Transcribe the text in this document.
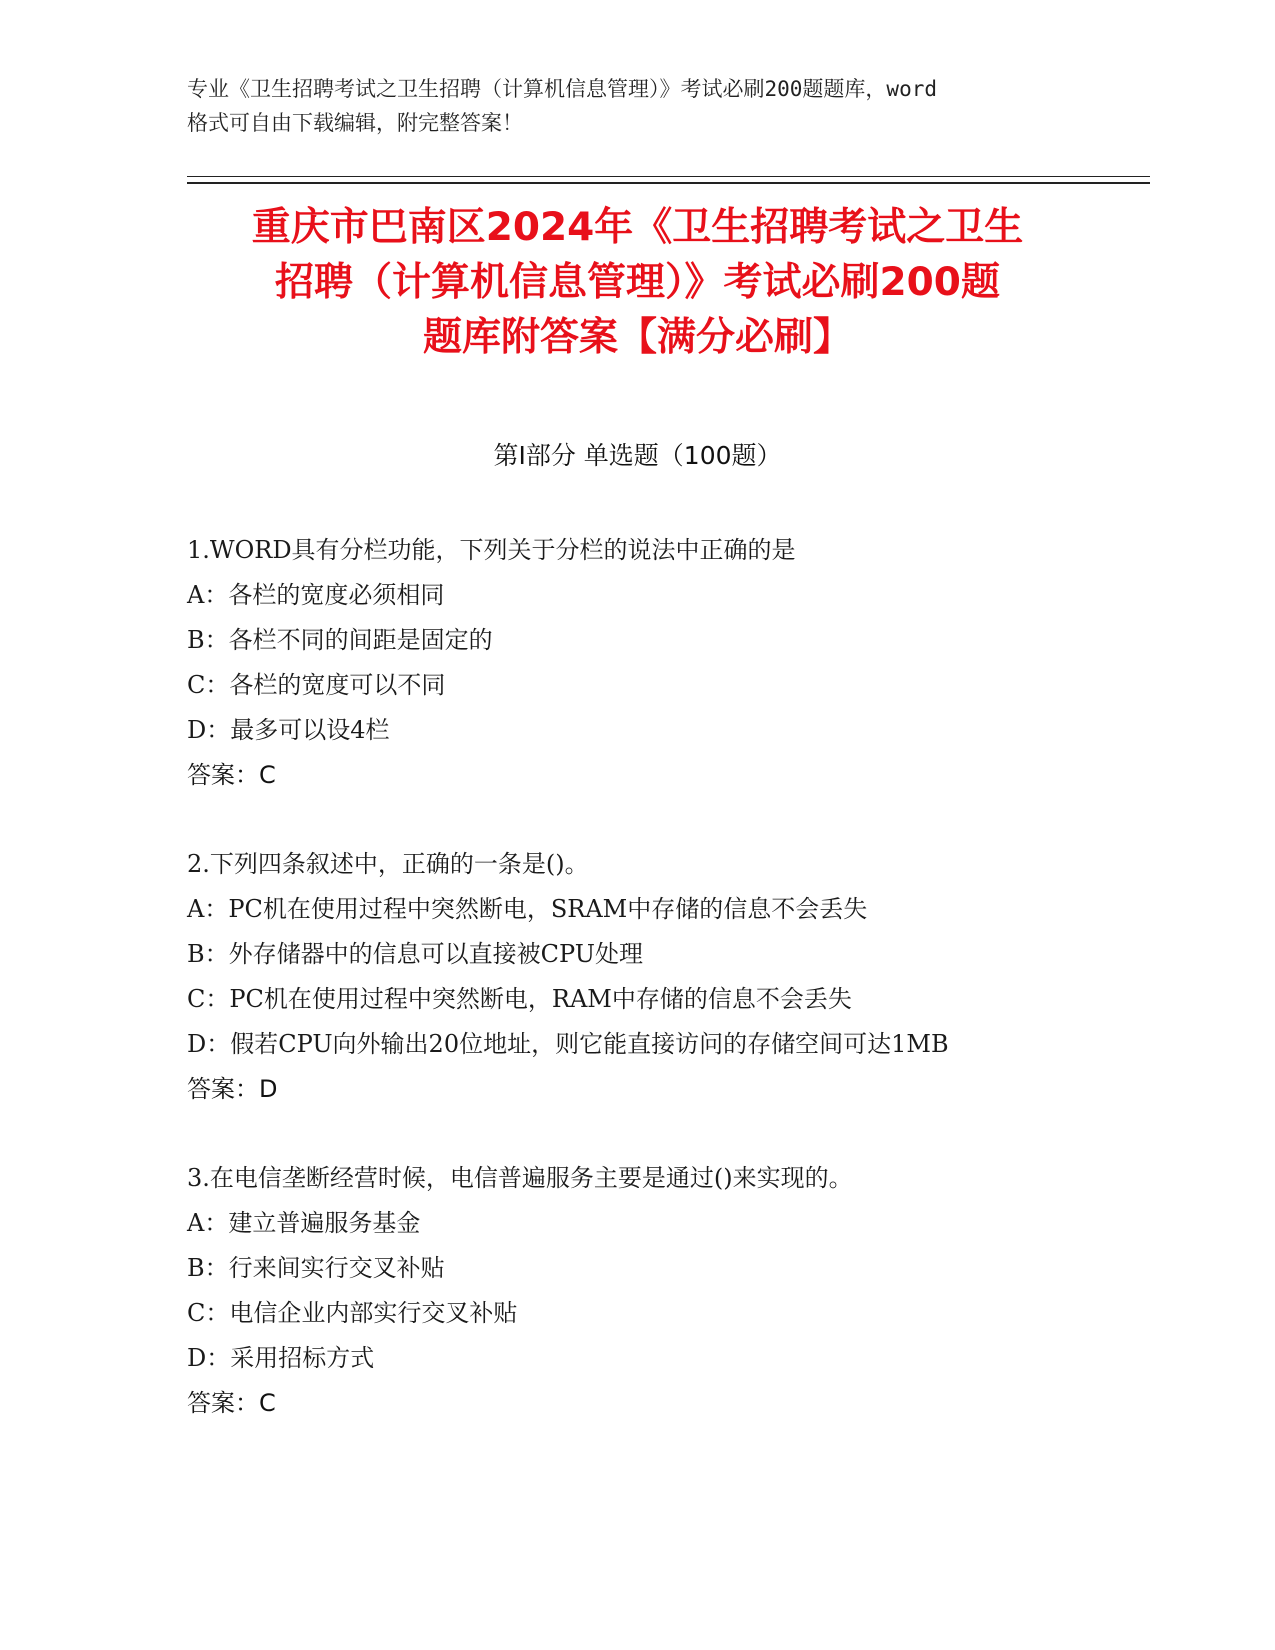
专业《卫生招聘考试之卫生招聘（计算机信息管理）》考试必刷200题题库，word
格式可自由下载编辑，附完整答案！
重庆市巴南区2024年《卫生招聘考试之卫生
招聘（计算机信息管理）》考试必刷200题
题库附答案【满分必刷】
第Ⅰ部分 单选题（100题）
1.WORD具有分栏功能，下列关于分栏的说法中正确的是
A：各栏的宽度必须相同
B：各栏不同的间距是固定的
C：各栏的宽度可以不同
D：最多可以设4栏
答案：C
2.下列四条叙述中，正确的一条是()。
A：PC机在使用过程中突然断电，SRAM中存储的信息不会丢失
B：外存储器中的信息可以直接被CPU处理
C：PC机在使用过程中突然断电，RAM中存储的信息不会丢失
D：假若CPU向外输出20位地址，则它能直接访问的存储空间可达1MB
答案：D
3.在电信垄断经营时候，电信普遍服务主要是通过()来实现的。
A：建立普遍服务基金
B：行来间实行交叉补贴
C：电信企业内部实行交叉补贴
D：采用招标方式
答案：C
